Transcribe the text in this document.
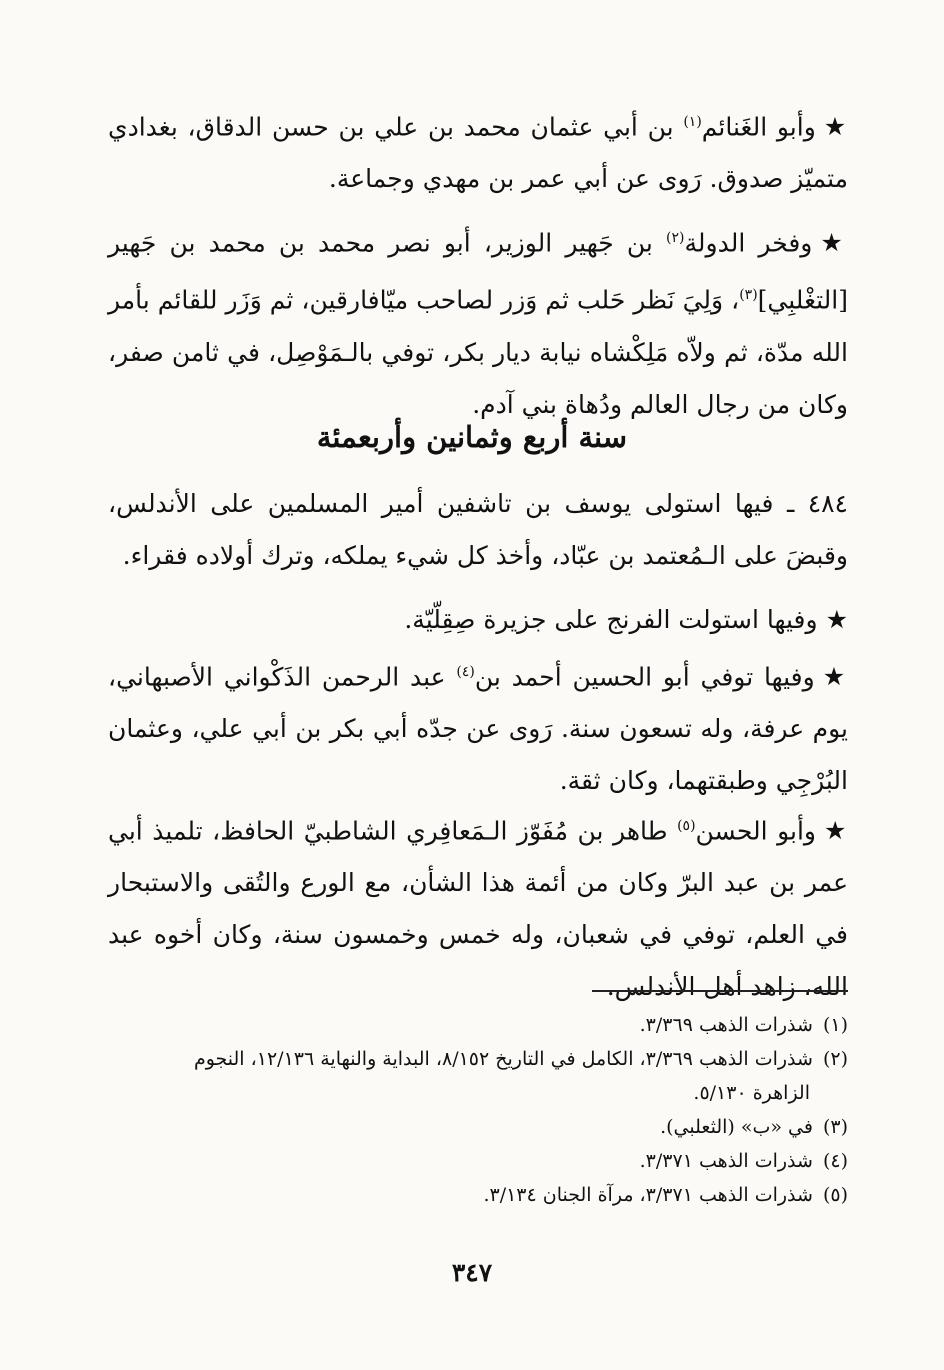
★وأبو الغَنائم$^{(١)}$ بن أبي عثمان محمد بن علي بن حسن الدقاق، بغدادي متميّز صدوق. رَوى عن أبي عمر بن مهدي وجماعة.

★وفخر الدولة$^{(٢)}$ بن جَهير الوزير، أبو نصر محمد بن محمد بن جَهير [التغْلبِي]$^{(٣)}$، وَلِيَ نَظر حَلب ثم وَزر لصاحب ميّافارقين، ثم وَزَر للقائم بأمر الله مدّة، ثم ولاّه مَلِكْشاه نيابة ديار بكر، توفي بالـمَوْصِل، في ثامن صفر، وكان من رجال العالم ودُهاة بني آدم.

سنة أربع وثمانين وأربعمئة

٤٨٤ ـ فيها استولى يوسف بن تاشفين أمير المسلمين على الأندلس، وقبضَ على الـمُعتمد بن عبّاد، وأخذ كل شيء يملكه، وترك أولاده فقراء.

★وفيها استولت الفرنج على جزيرة صِقِلّيّة.

★وفيها توفي أبو الحسين أحمد بن$^{(٤)}$ عبد الرحمن الذَكْواني الأصبهاني، يوم عرفة، وله تسعون سنة. رَوى عن جدّه أبي بكر بن أبي علي، وعثمان البُرْجِي وطبقتهما، وكان ثقة.

★وأبو الحسن$^{(٥)}$ طاهر بن مُفَوّز الـمَعافِري الشاطبيّ الحافظ، تلميذ أبي عمر بن عبد البرّ وكان من أئمة هذا الشأن، مع الورع والتُقى والاستبحار في العلم، توفي في شعبان، وله خمس وخمسون سنة، وكان أخوه عبد الله، زاهد أهل الأندلس.

(١)شذرات الذهب ٣/٣٦٩.

(٢)شذرات الذهب ٣/٣٦٩، الكامل في التاريخ ٨/١٥٢، البداية والنهاية ١٢/١٣٦، النجوم

الزاهرة ٥/١٣٠.

(٣)في «ب» (الثعلبي).

(٤)شذرات الذهب ٣/٣٧١.

(٥)شذرات الذهب ٣/٣٧١، مرآة الجنان ٣/١٣٤.

٣٤٧
